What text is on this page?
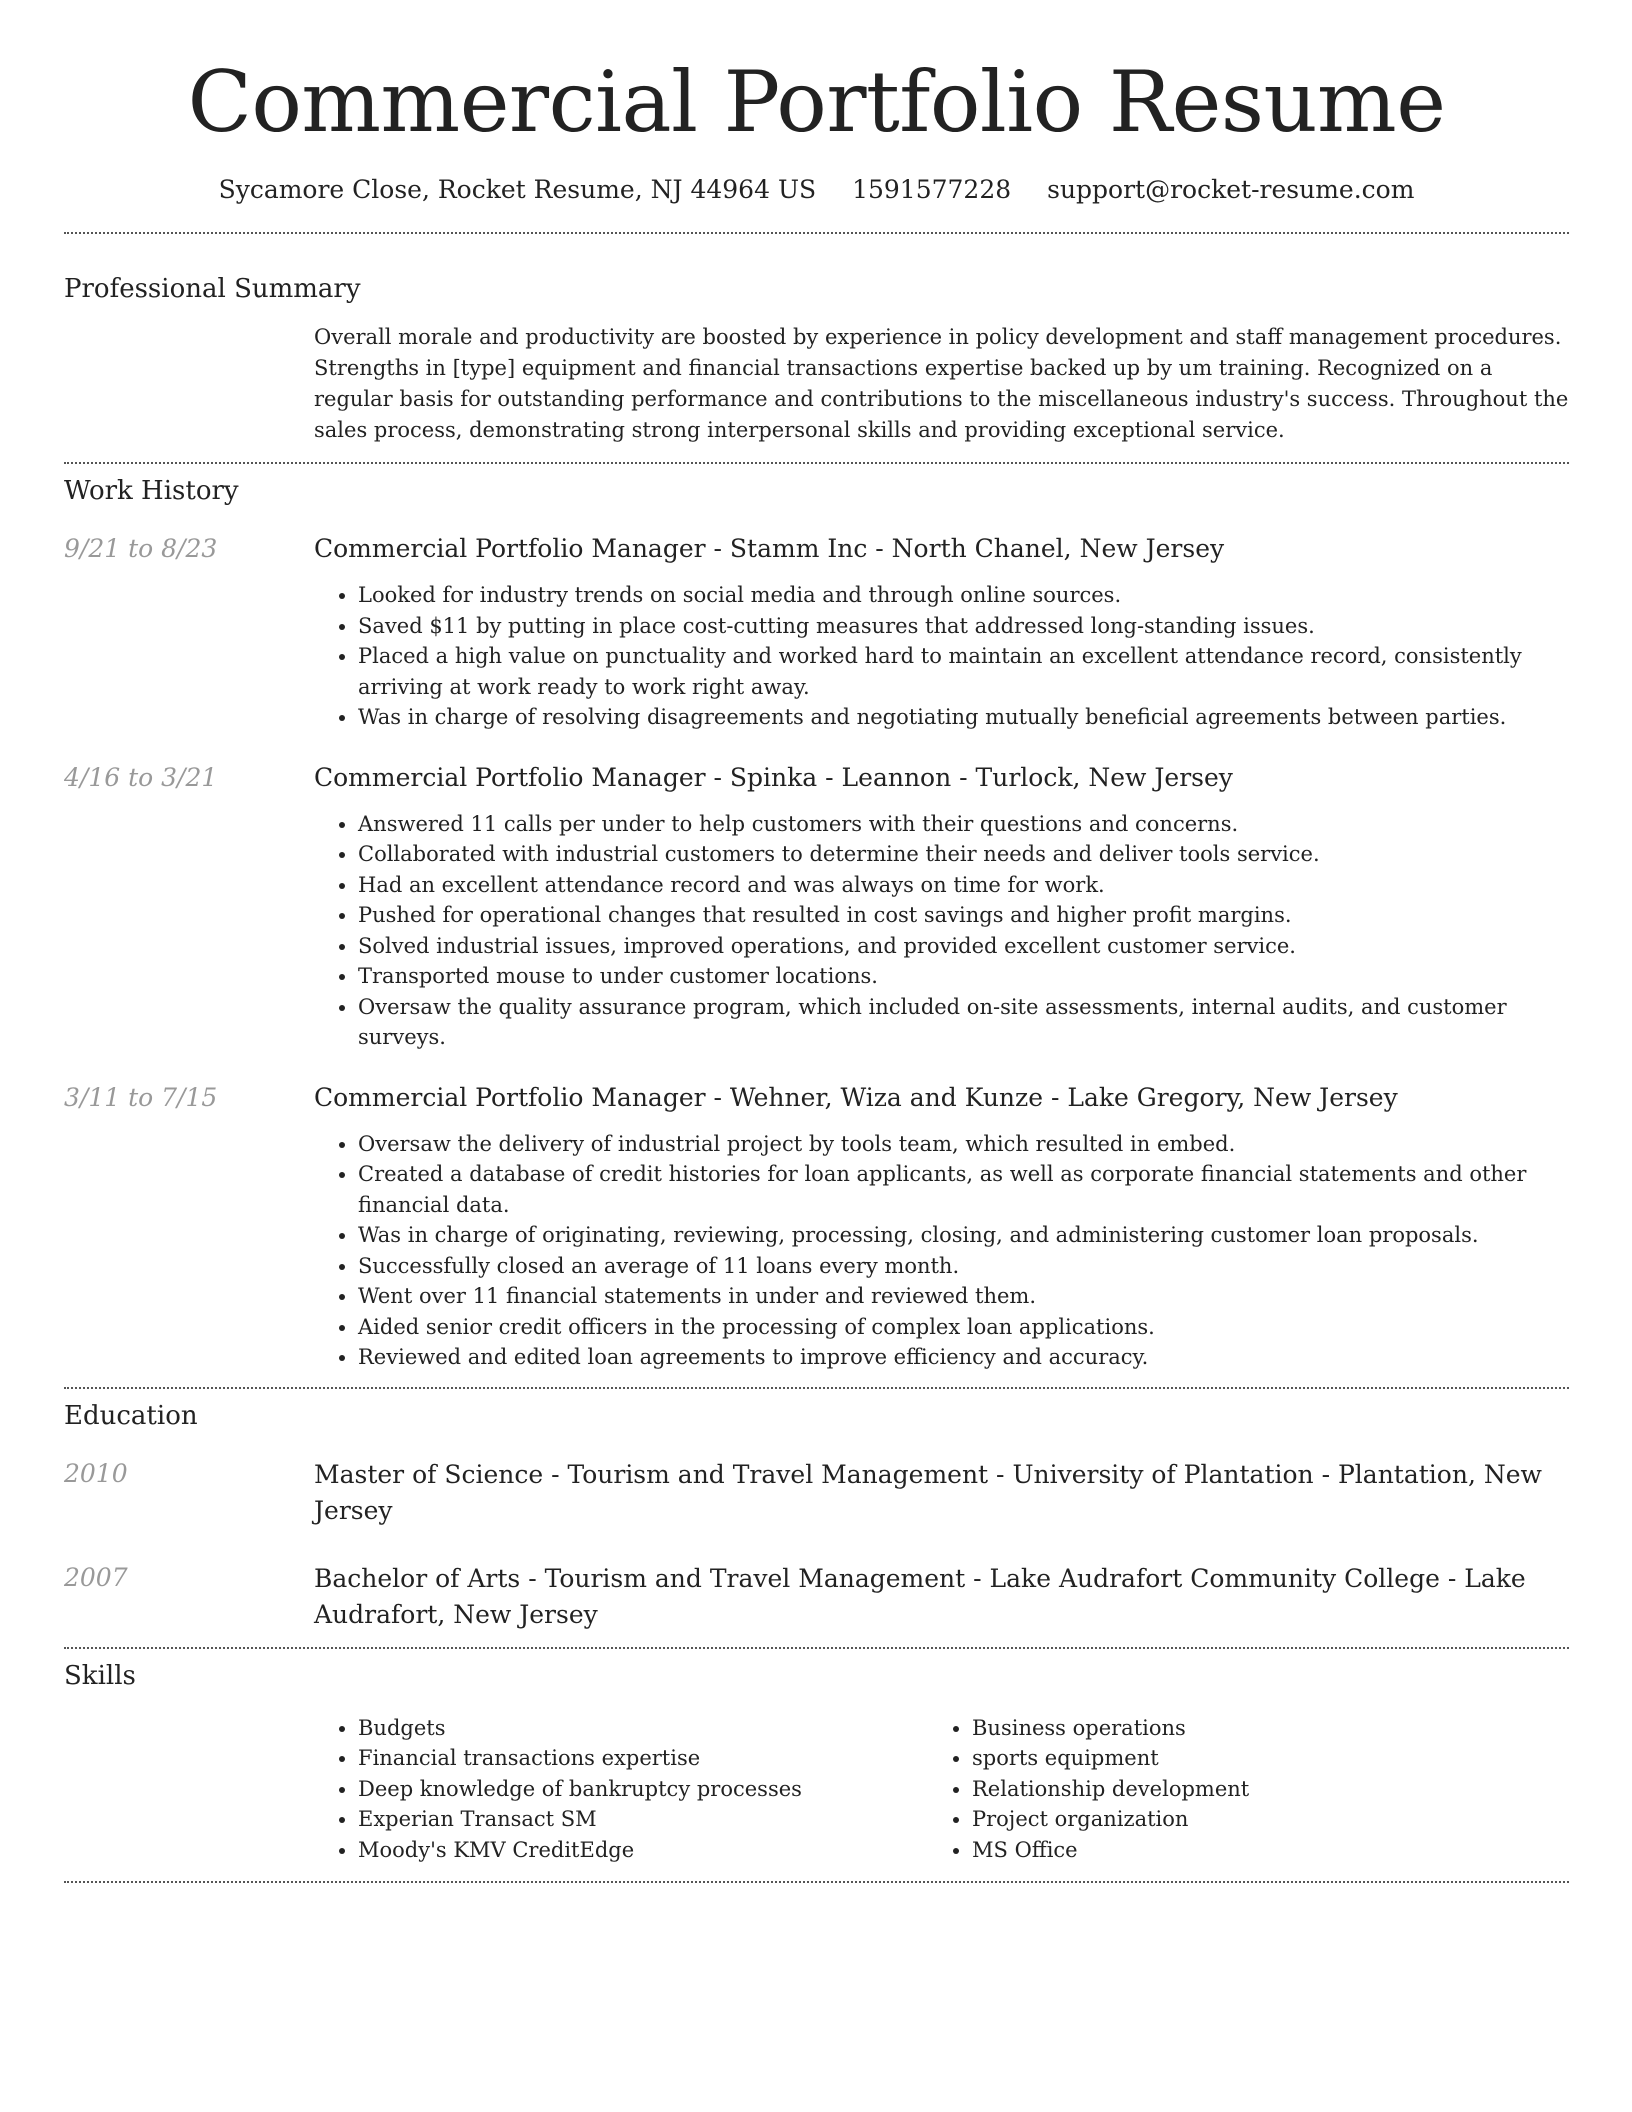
Commercial Portfolio Resume
Sycamore Close, Rocket Resume, NJ 44964 US 1591577228 support@rocket-resume.com
Professional Summary
Overall morale and productivity are boosted by experience in policy development and staff management procedures. Strengths in [type] equipment and financial transactions expertise backed up by um training. Recognized on a regular basis for outstanding performance and contributions to the miscellaneous industry's success. Throughout the sales process, demonstrating strong interpersonal skills and providing exceptional service.
Work History
9/21 to 8/23	Commercial Portfolio Manager - Stamm Inc - North Chanel, New Jersey
• Looked for industry trends on social media and through online sources.
• Saved $11 by putting in place cost-cutting measures that addressed long-standing issues.
• Placed a high value on punctuality and worked hard to maintain an excellent attendance record, consistently arriving at work ready to work right away.
• Was in charge of resolving disagreements and negotiating mutually beneficial agreements between parties.
4/16 to 3/21	Commercial Portfolio Manager - Spinka - Leannon - Turlock, New Jersey
• Answered 11 calls per under to help customers with their questions and concerns.
• Collaborated with industrial customers to determine their needs and deliver tools service.
• Had an excellent attendance record and was always on time for work.
• Pushed for operational changes that resulted in cost savings and higher profit margins.
• Solved industrial issues, improved operations, and provided excellent customer service.
• Transported mouse to under customer locations.
• Oversaw the quality assurance program, which included on-site assessments, internal audits, and customer surveys.
3/11 to 7/15	Commercial Portfolio Manager - Wehner, Wiza and Kunze - Lake Gregory, New Jersey
• Oversaw the delivery of industrial project by tools team, which resulted in embed.
• Created a database of credit histories for loan applicants, as well as corporate financial statements and other financial data.
• Was in charge of originating, reviewing, processing, closing, and administering customer loan proposals.
• Successfully closed an average of 11 loans every month.
• Went over 11 financial statements in under and reviewed them.
• Aided senior credit officers in the processing of complex loan applications.
• Reviewed and edited loan agreements to improve efficiency and accuracy.
Education
2010	Master of Science - Tourism and Travel Management - University of Plantation - Plantation, New Jersey
2007	Bachelor of Arts - Tourism and Travel Management - Lake Audrafort Community College - Lake Audrafort, New Jersey
Skills
• Budgets
• Financial transactions expertise
• Deep knowledge of bankruptcy processes
• Experian Transact SM
• Moody's KMV CreditEdge
• Business operations
• sports equipment
• Relationship development
• Project organization
• MS Office
